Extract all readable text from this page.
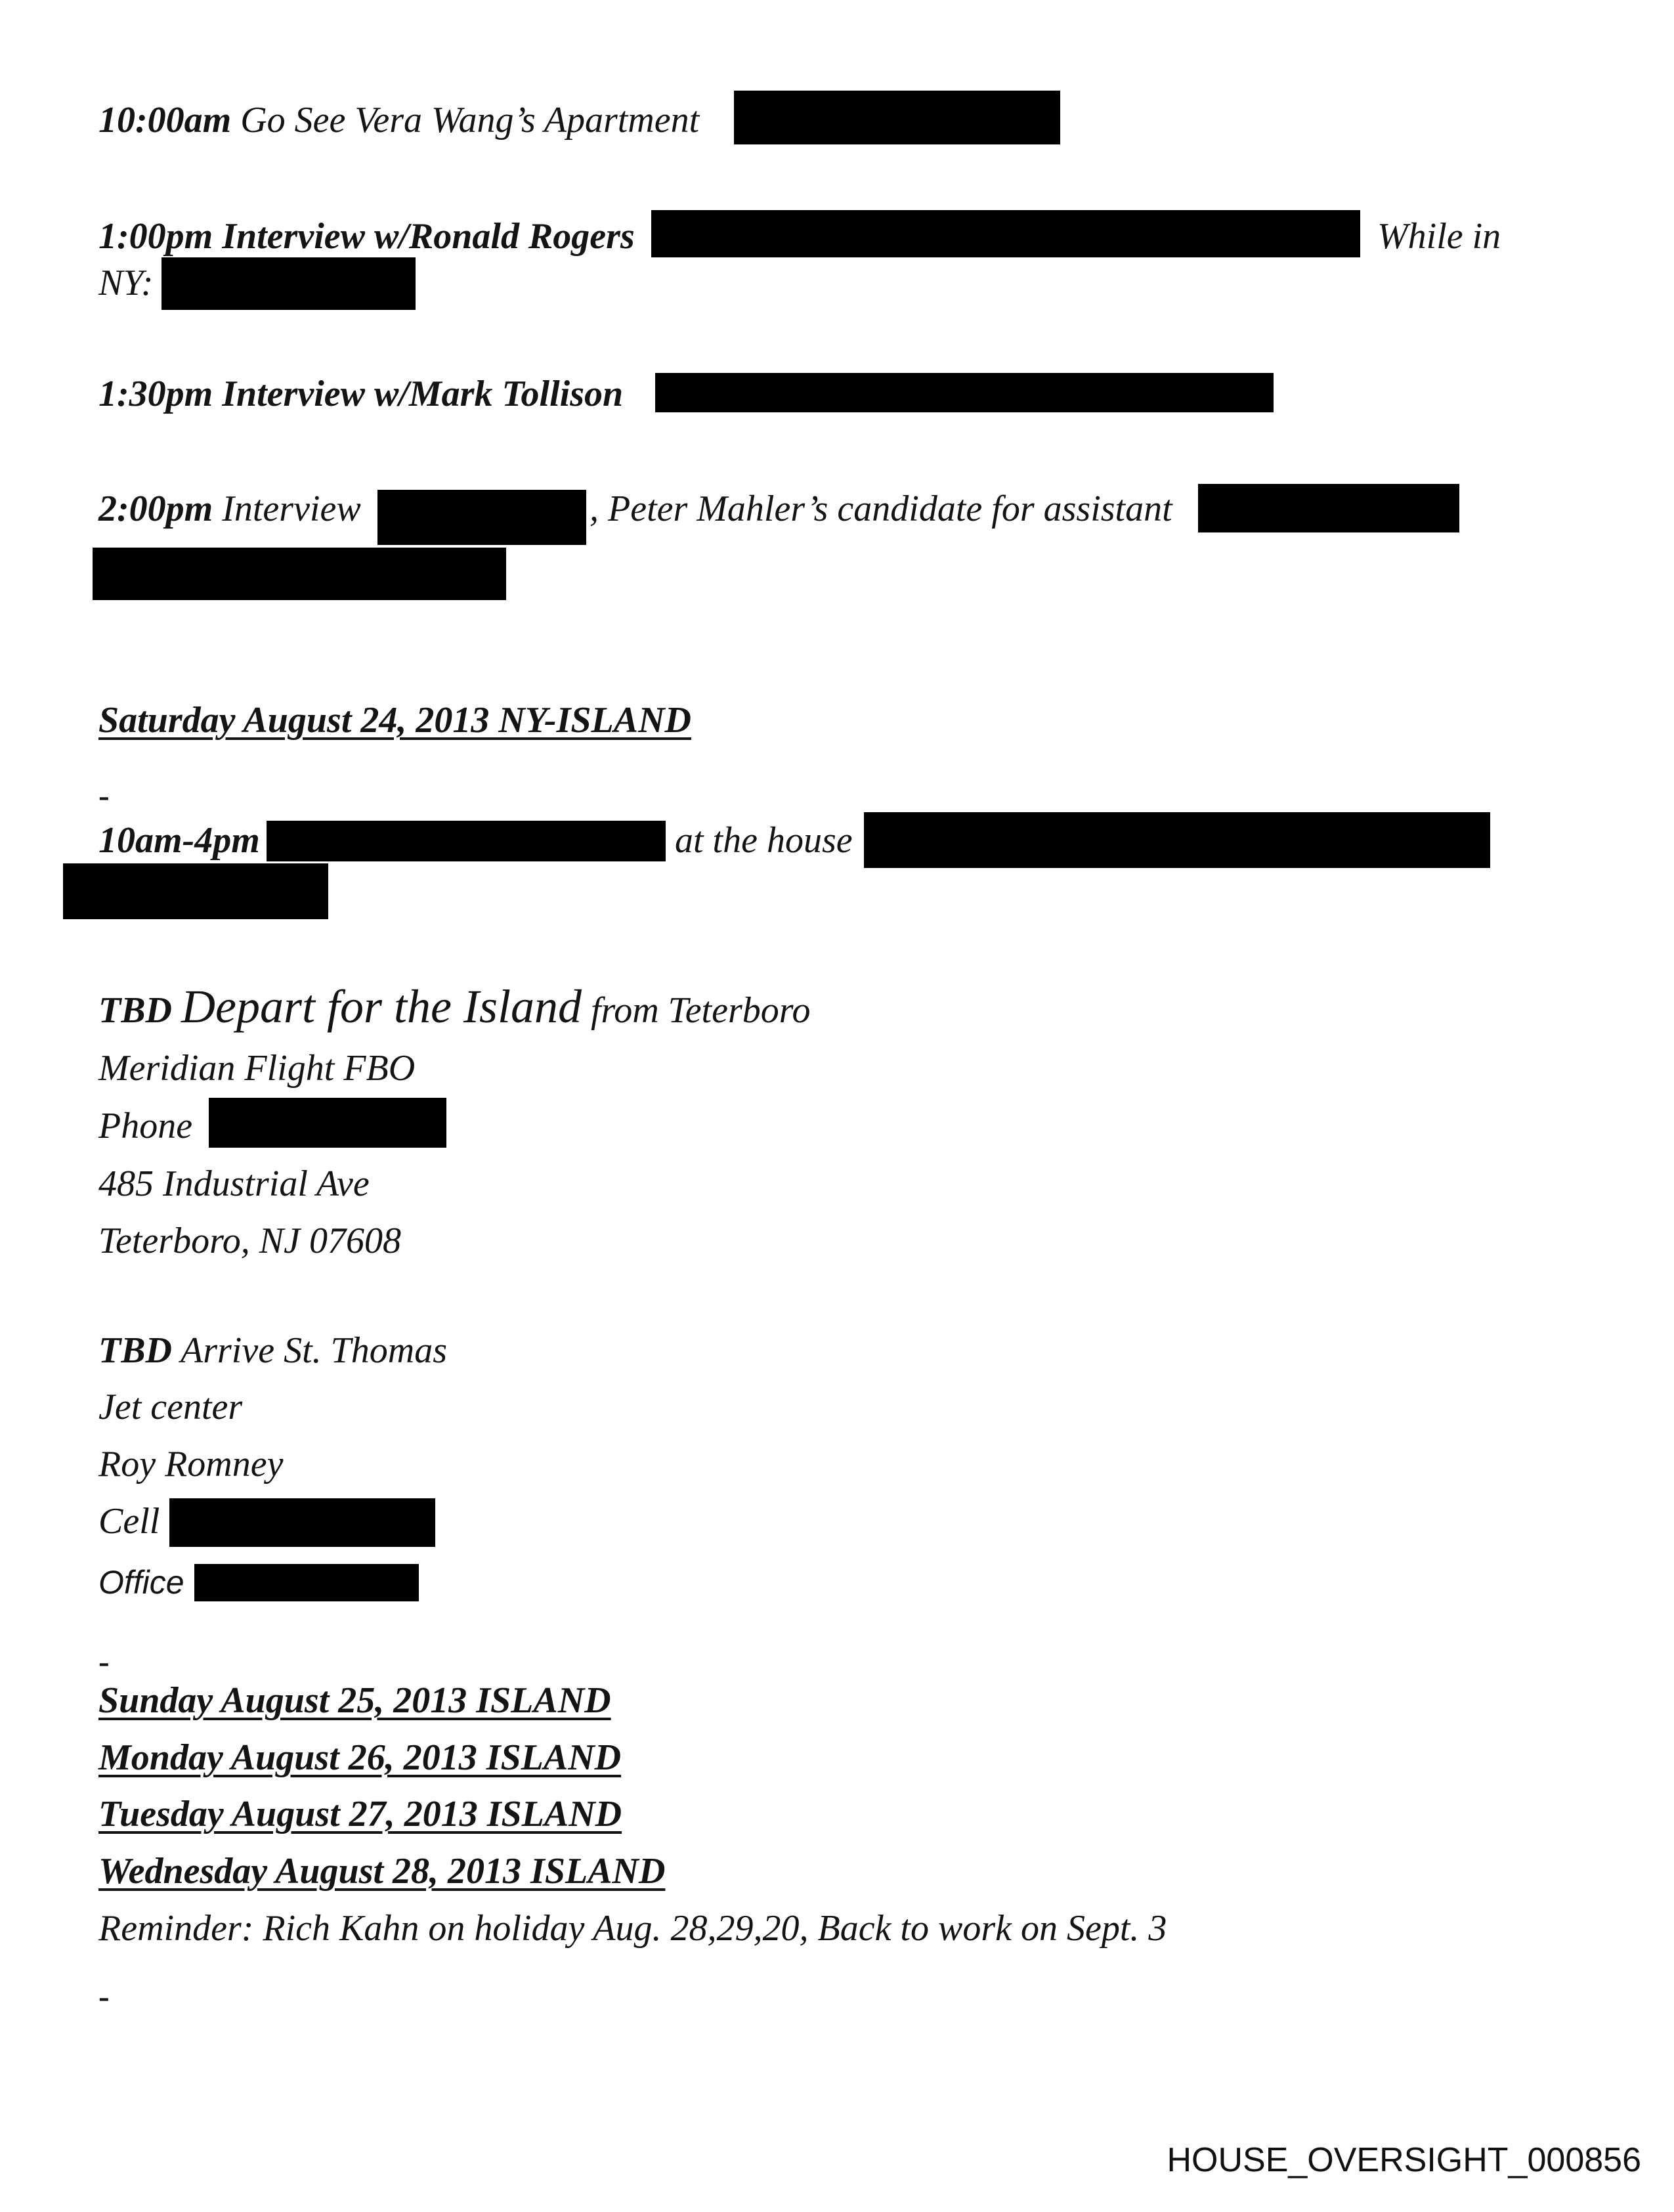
10:00am Go See Vera Wang’s Apartment
1:00pm Interview w/Ronald Rogers	While in
NY:
1:30pm Interview w/Mark Tollison
2:00pm Interview	, Peter Mahler’s candidate for assistant
Saturday August 24, 2013 NY-ISLAND
-
10am-4pm	at the house
TBD Depart for the Island from Teterboro
Meridian Flight FBO
Phone
485 Industrial Ave
Teterboro, NJ 07608
TBD Arrive St. Thomas
Jet center
Roy Romney
Cell
Office
-
Sunday August 25, 2013 ISLAND
Monday August 26, 2013 ISLAND
Tuesday August 27, 2013 ISLAND
Wednesday August 28, 2013 ISLAND
Reminder: Rich Kahn on holiday Aug. 28,29,20, Back to work on Sept. 3
-
HOUSE_OVERSIGHT_000856
